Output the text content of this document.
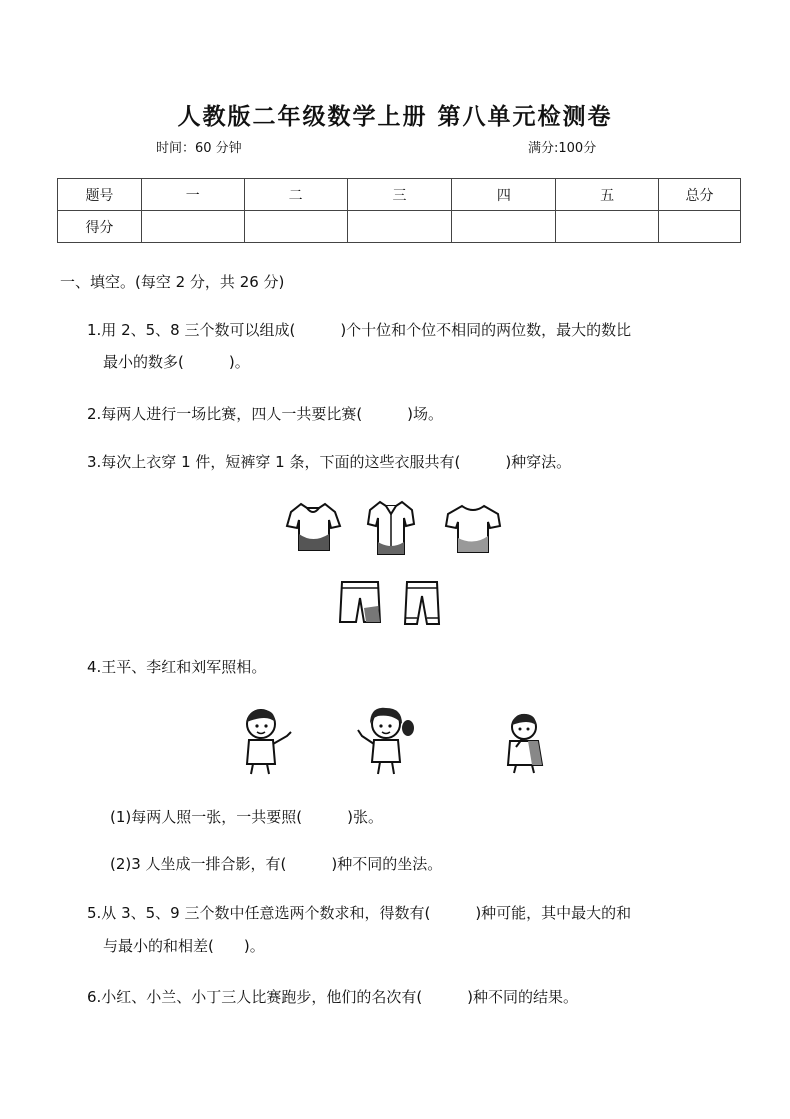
人教版二年级数学上册 第八单元检测卷
时间：60 分钟	满分:100分
题号	一	二	三	四	五	总分
得分						
一、填空。(每空 2 分，共 26 分)
1.用 2、5、8 三个数可以组成(　　　)个十位和个位不相同的两位数，最大的数比
最小的数多(　　　)。
2.每两人进行一场比赛，四人一共要比赛(　　　)场。
3.每次上衣穿 1 件，短裤穿 1 条，下面的这些衣服共有(　　　)种穿法。
4.王平、李红和刘军照相。
(1)每两人照一张，一共要照(　　　)张。
(2)3 人坐成一排合影，有(　　　)种不同的坐法。
5.从 3、5、9 三个数中任意选两个数求和，得数有(　　　)种可能，其中最大的和
与最小的和相差(　　)。
6.小红、小兰、小丁三人比赛跑步，他们的名次有(　　　)种不同的结果。
